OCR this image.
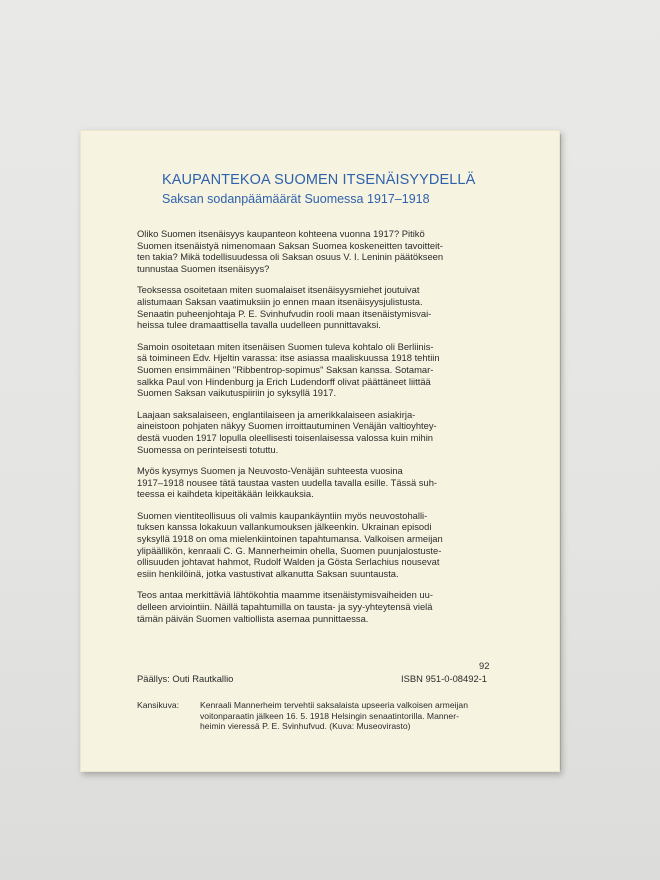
KAUPANTEKOA SUOMEN ITSENÄISYYDELLÄ
Saksan sodanpäämäärät Suomessa 1917–1918

Oliko Suomen itsenäisyys kaupanteon kohteena vuonna 1917? Pitikö
Suomen itsenäistyä nimenomaan Saksan Suomea koskeneitten tavoitteit-
ten takia? Mikä todellisuudessa oli Saksan osuus V. I. Leninin päätökseen
tunnustaa Suomen itsenäisyys?

Teoksessa osoitetaan miten suomalaiset itsenäisyysmiehet joutuivat
alistumaan Saksan vaatimuksiin jo ennen maan itsenäisyysjulistusta.
Senaatin puheenjohtaja P. E. Svinhufvudin rooli maan itsenäistymisvai-
heissa tulee dramaattisella tavalla uudelleen punnittavaksi.

Samoin osoitetaan miten itsenäisen Suomen tuleva kohtalo oli Berliinis-
sä toimineen Edv. Hjeltin varassa: itse asiassa maaliskuussa 1918 tehtiin
Suomen ensimmäinen "Ribbentrop-sopimus" Saksan kanssa. Sotamar-
salkka Paul von Hindenburg ja Erich Ludendorff olivat päättäneet liittää
Suomen Saksan vaikutuspiiriin jo syksyllä 1917.

Laajaan saksalaiseen, englantilaiseen ja amerikkalaiseen asiakirja-
aineistoon pohjaten näkyy Suomen irroittautuminen Venäjän valtioyhtey-
destä vuoden 1917 lopulla oleellisesti toisenlaisessa valossa kuin mihin
Suomessa on perinteisesti totuttu.

Myös kysymys Suomen ja Neuvosto-Venäjän suhteesta vuosina
1917–1918 nousee tätä taustaa vasten uudella tavalla esille. Tässä suh-
teessa ei kaihdeta kipeitäkään leikkauksia.

Suomen vientiteollisuus oli valmis kaupankäyntiin myös neuvostohalli-
tuksen kanssa lokakuun vallankumouksen jälkeenkin. Ukrainan episodi
syksyllä 1918 on oma mielenkiintoinen tapahtumansa. Valkoisen armeijan
ylipäällikön, kenraali C. G. Mannerheimin ohella, Suomen puunjalostuste-
ollisuuden johtavat hahmot, Rudolf Walden ja Gösta Serlachius nousevat
esiin henkilöinä, jotka vastustivat alkanutta Saksan suuntausta.

Teos antaa merkittäviä lähtökohtia maamme itsenäistymisvaiheiden uu-
delleen arviointiin. Näillä tapahtumilla on tausta- ja syy-yhteytensä vielä
tämän päivän Suomen valtiollista asemaa punnittaessa.

92
Päällys: Outi Rautkallio	ISBN 951-0-08492-1
Kansikuva: Kenraali Mannerheim tervehtii saksalaista upseeria valkoisen armeijan
voitonparaatin jälkeen 16. 5. 1918 Helsingin senaatintorilla. Manner-
heimin vieressä P. E. Svinhufvud. (Kuva: Museovirasto)
